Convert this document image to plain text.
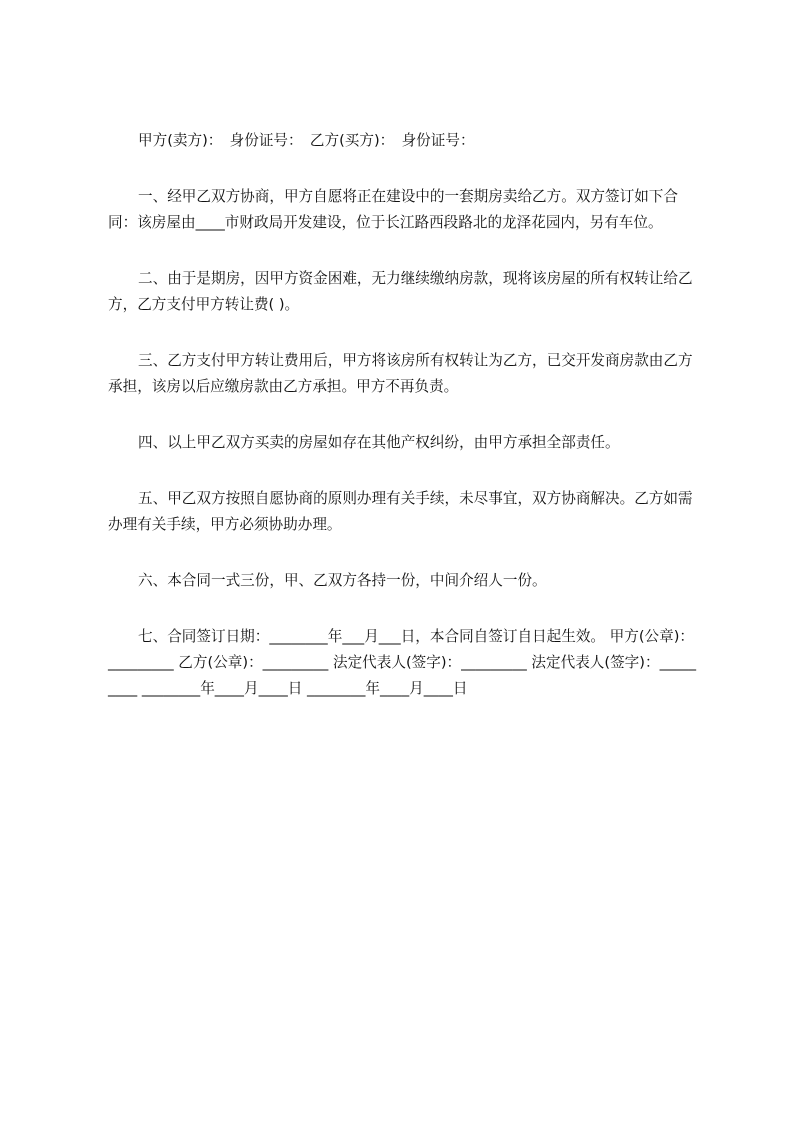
甲方(卖方)：　身份证号：　乙方(买方)：　身份证号：

一、经甲乙双方协商，甲方自愿将正在建设中的一套期房卖给乙方。双方签订如下合同：该房屋由____市财政局开发建设，位于长江路西段路北的龙泽花园内，另有车位。

二、由于是期房，因甲方资金困难，无力继续缴纳房款，现将该房屋的所有权转让给乙方，乙方支付甲方转让费( )。

三、乙方支付甲方转让费用后，甲方将该房所有权转让为乙方，已交开发商房款由乙方承担，该房以后应缴房款由乙方承担。甲方不再负责。

四、以上甲乙双方买卖的房屋如存在其他产权纠纷，由甲方承担全部责任。

五、甲乙双方按照自愿协商的原则办理有关手续，未尽事宜，双方协商解决。乙方如需办理有关手续，甲方必须协助办理。

六、本合同一式三份，甲、乙双方各持一份，中间介绍人一份。

七、合同签订日期：________年___月___日，本合同自签订自日起生效。 甲方(公章)：_________ 乙方(公章)：_________ 法定代表人(签字)：_________ 法定代表人(签字)：_________ ________年____月____日 ________年____月____日
